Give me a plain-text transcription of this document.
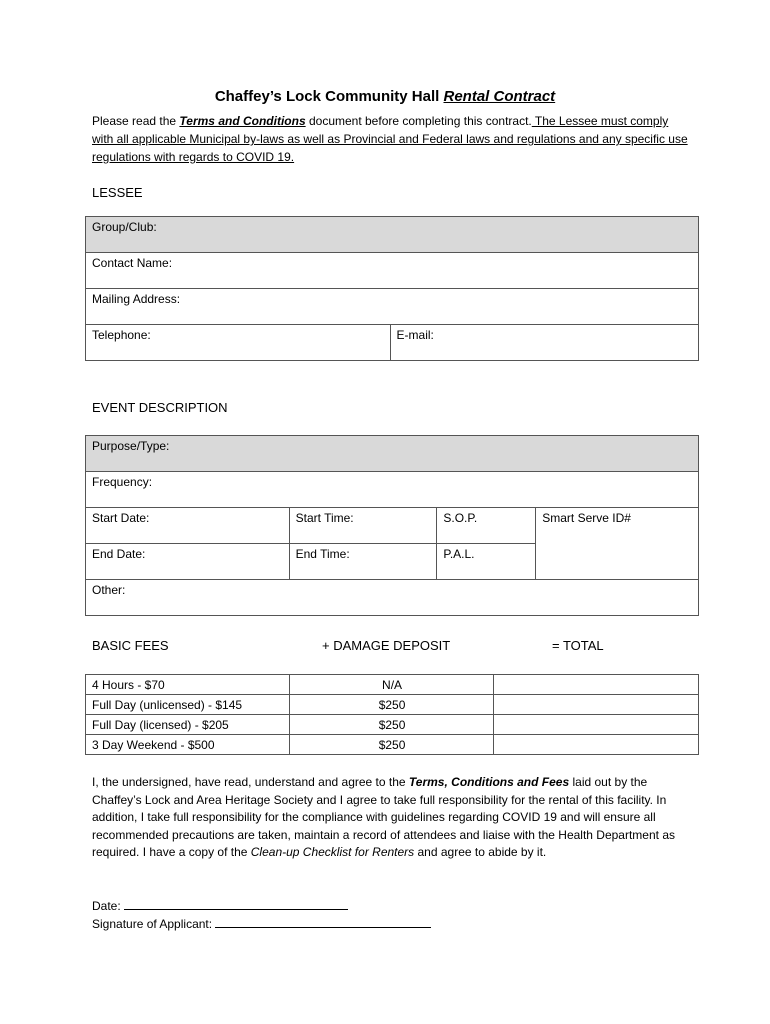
Chaffey’s Lock Community Hall Rental Contract
Please read the Terms and Conditions document before completing this contract. The Lessee must comply with all applicable Municipal by-laws as well as Provincial and Federal laws and regulations and any specific use regulations with regards to COVID 19.
LESSEE
Group/Club:
Contact Name:
Mailing Address:
Telephone:	E-mail:
EVENT DESCRIPTION
Purpose/Type:			
Frequency:			
Start Date:	Start Time:	S.O.P.	Smart Serve ID#
End Date:	End Time:	P.A.L.	
Other:			
BASIC FEES	+ DAMAGE DEPOSIT	= TOTAL
4 Hours - $70	N/A	
Full Day (unlicensed) - $145	$250	
Full Day (licensed) - $205	$250	
3 Day Weekend - $500	$250	
I, the undersigned, have read, understand and agree to the Terms, Conditions and Fees laid out by the Chaffey’s Lock and Area Heritage Society and I agree to take full responsibility for the rental of this facility. In addition, I take full responsibility for the compliance with guidelines regarding COVID 19 and will ensure all recommended precautions are taken, maintain a record of attendees and liaise with the Health Department as required. I have a copy of the Clean-up Checklist for Renters and agree to abide by it.
Date:
Signature of Applicant:
